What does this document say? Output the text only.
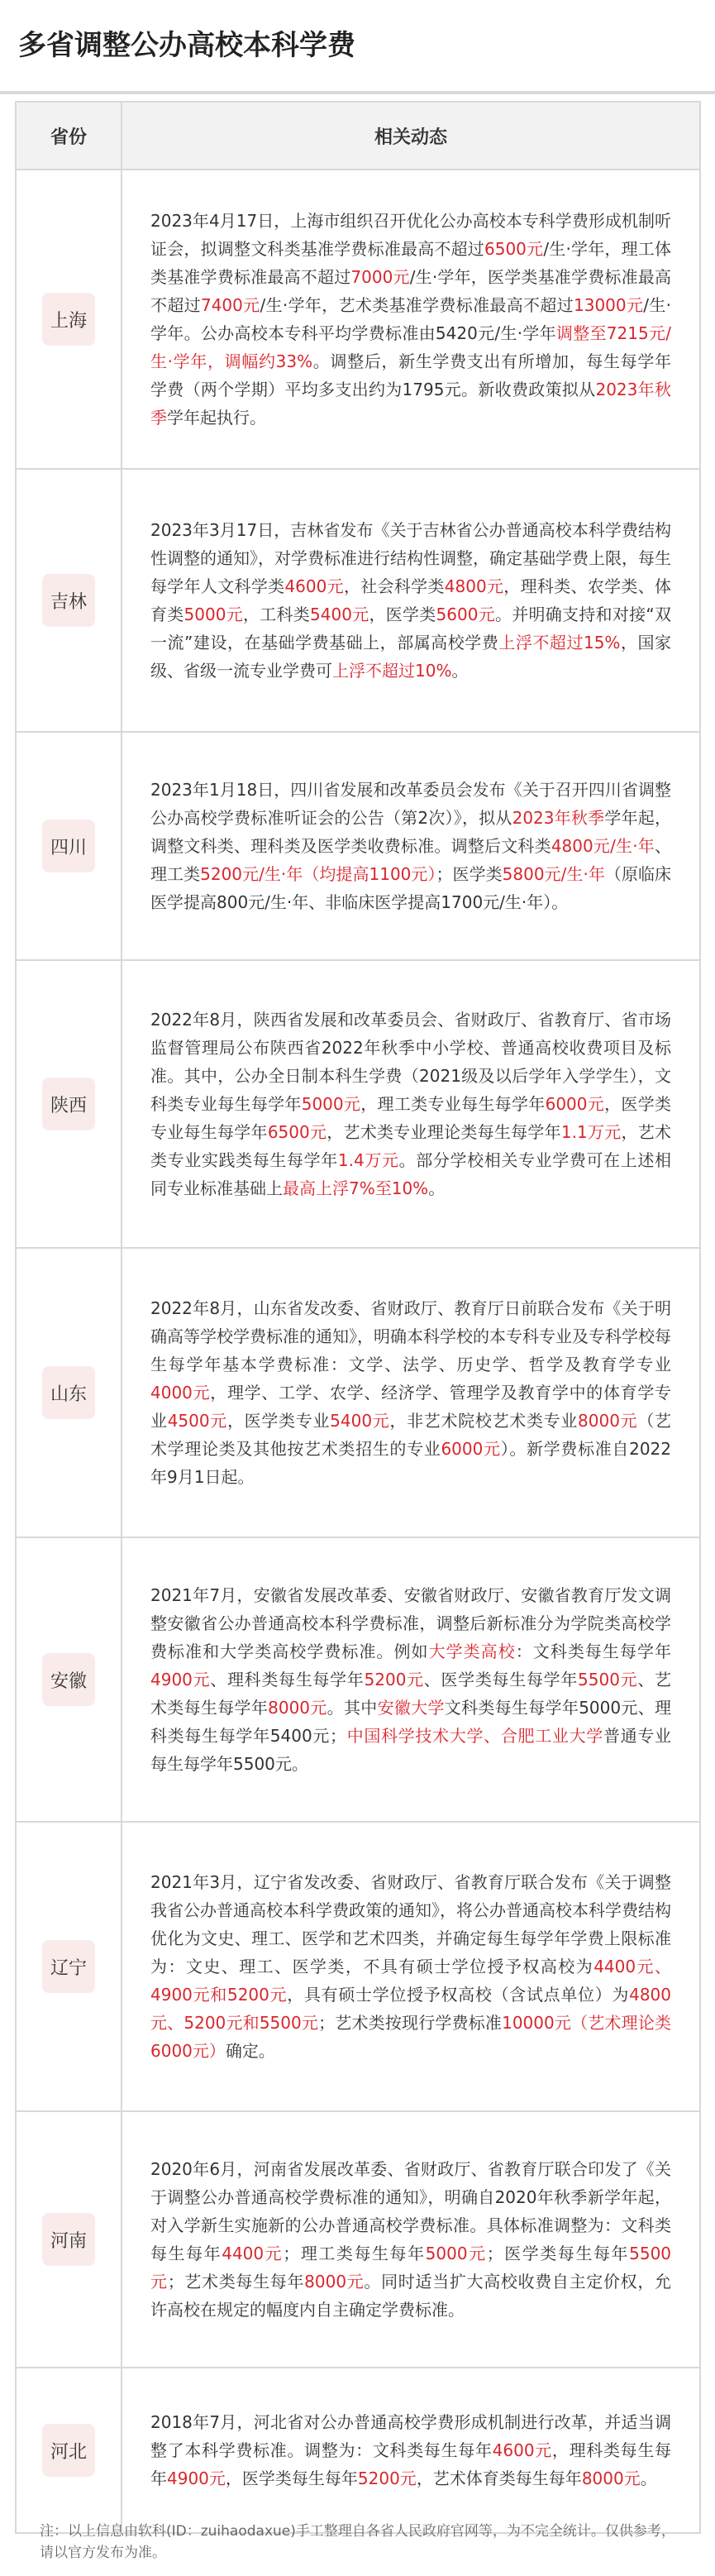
多省调整公办高校本科学费
省份	相关动态

上海	2023年4月17日，上海市组织召开优化公办高校本专科学费形成机制听证会，拟调整文科类基准学费标准最高不超过6500元/生·学年，理工体类基准学费标准最高不超过7000元/生·学年，医学类基准学费标准最高不超过7400元/生·学年，艺术类基准学费标准最高不超过13000元/生·学年。公办高校本专科平均学费标准由5420元/生·学年调整至7215元/生·学年，调幅约33%。调整后，新生学费支出有所增加，每生每学年学费（两个学期）平均多支出约为1795元。新收费政策拟从2023年秋季学年起执行。

吉林	2023年3月17日，吉林省发布《关于吉林省公办普通高校本科学费结构性调整的通知》，对学费标准进行结构性调整，确定基础学费上限，每生每学年人文科学类4600元，社会科学类4800元，理科类、农学类、体育类5000元，工科类5400元，医学类5600元。并明确支持和对接“双一流”建设，在基础学费基础上，部属高校学费上浮不超过15%，国家级、省级一流专业学费可上浮不超过10%。

四川	2023年1月18日，四川省发展和改革委员会发布《关于召开四川省调整公办高校学费标准听证会的公告（第2次）》，拟从2023年秋季学年起，调整文科类、理科类及医学类收费标准。调整后文科类4800元/生·年、理工类5200元/生·年（均提高1100元）；医学类5800元/生·年（原临床医学提高800元/生·年、非临床医学提高1700元/生·年）。

陕西	2022年8月，陕西省发展和改革委员会、省财政厅、省教育厅、省市场监督管理局公布陕西省2022年秋季中小学校、普通高校收费项目及标准。其中，公办全日制本科生学费（2021级及以后学年入学学生），文科类专业每生每学年5000元，理工类专业每生每学年6000元，医学类专业每生每学年6500元，艺术类专业理论类每生每学年1.1万元，艺术类专业实践类每生每学年1.4万元。部分学校相关专业学费可在上述相同专业标准基础上最高上浮7%至10%。

山东	2022年8月，山东省发改委、省财政厅、教育厅日前联合发布《关于明确高等学校学费标准的通知》，明确本科学校的本专科专业及专科学校每生每学年基本学费标准：文学、法学、历史学、哲学及教育学专业4000元，理学、工学、农学、经济学、管理学及教育学中的体育学专业4500元，医学类专业5400元，非艺术院校艺术类专业8000元（艺术学理论类及其他按艺术类招生的专业6000元）。新学费标准自2022年9月1日起。

安徽	2021年7月，安徽省发展改革委、安徽省财政厅、安徽省教育厅发文调整安徽省公办普通高校本科学费标准，调整后新标准分为学院类高校学费标准和大学类高校学费标准。例如大学类高校：文科类每生每学年4900元、理科类每生每学年5200元、医学类每生每学年5500元、艺术类每生每学年8000元。其中安徽大学文科类每生每学年5000元、理科类每生每学年5400元；中国科学技术大学、合肥工业大学普通专业每生每学年5500元。

辽宁	2021年3月，辽宁省发改委、省财政厅、省教育厅联合发布《关于调整我省公办普通高校本科学费政策的通知》，将公办普通高校本科学费结构优化为文史、理工、医学和艺术四类，并确定每生每学年学费上限标准为：文史、理工、医学类，不具有硕士学位授予权高校为4400元、4900元和5200元，具有硕士学位授予权高校（含试点单位）为4800元、5200元和5500元；艺术类按现行学费标准10000元（艺术理论类6000元）确定。

河南	2020年6月，河南省发展改革委、省财政厅、省教育厅联合印发了《关于调整公办普通高校学费标准的通知》，明确自2020年秋季新学年起，对入学新生实施新的公办普通高校学费标准。具体标准调整为：文科类每生每年4400元；理工类每生每年5000元；医学类每生每年5500元；艺术类每生每年8000元。同时适当扩大高校收费自主定价权，允许高校在规定的幅度内自主确定学费标准。

河北	2018年7月，河北省对公办普通高校学费形成机制进行改革，并适当调整了本科学费标准。调整为：文科类每生每年4600元，理科类每生每年4900元，医学类每生每年5200元，艺术体育类每生每年8000元。
注：以上信息由软科(ID：zuihaodaxue)手工整理自各省人民政府官网等，为不完全统计。仅供参考，请以官方发布为准。
